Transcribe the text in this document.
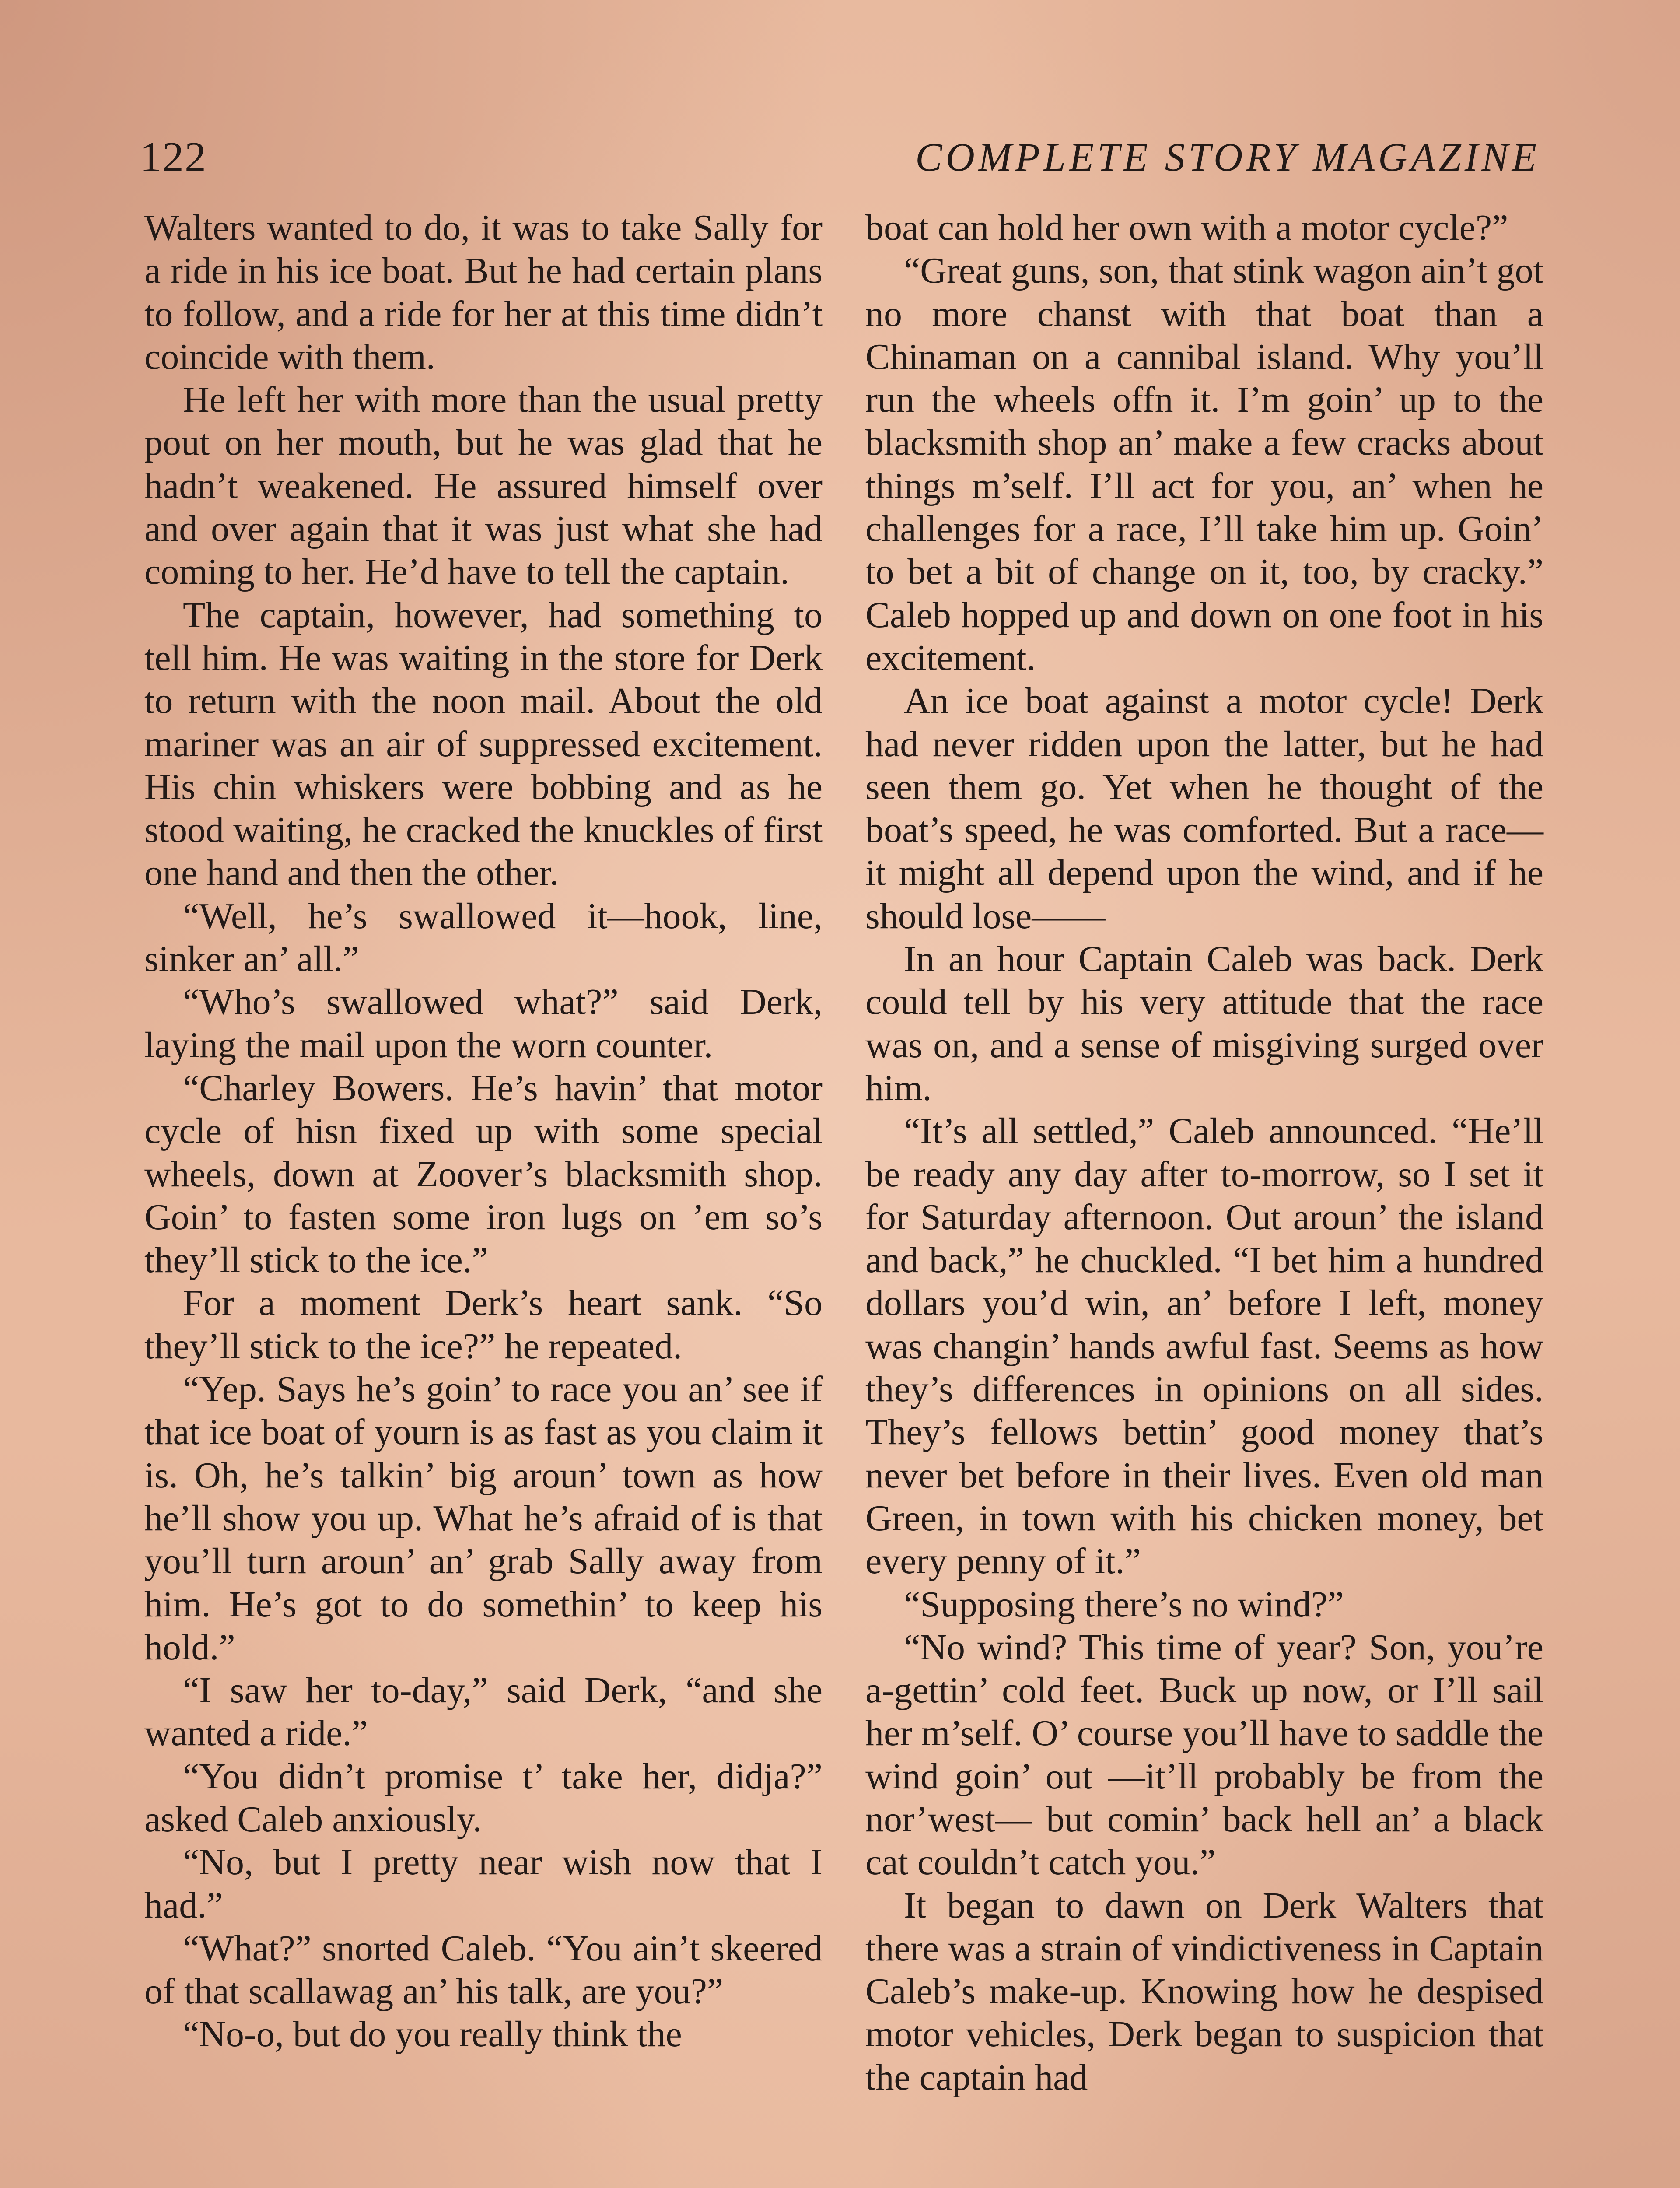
122	COMPLETE STORY MAGAZINE

Walters wanted to do, it was to take Sally for a ride in his ice boat. But he had certain plans to follow, and a ride for her at this time didn’t coincide with them.

He left her with more than the usual pretty pout on her mouth, but he was glad that he hadn’t weakened. He assured himself over and over again that it was just what she had coming to her. He’d have to tell the captain.

The captain, however, had something to tell him. He was waiting in the store for Derk to return with the noon mail. About the old mariner was an air of suppressed excitement. His chin whiskers were bobbing and as he stood waiting, he cracked the knuckles of first one hand and then the other.

“Well, he’s swallowed it—hook, line, sinker an’ all.”

“Who’s swallowed what?” said Derk, laying the mail upon the worn counter.

“Charley Bowers. He’s havin’ that motor cycle of hisn fixed up with some special wheels, down at Zoover’s blacksmith shop. Goin’ to fasten some iron lugs on ’em so’s they’ll stick to the ice.”

For a moment Derk’s heart sank. “So they’ll stick to the ice?” he repeated.

“Yep. Says he’s goin’ to race you an’ see if that ice boat of yourn is as fast as you claim it is. Oh, he’s talkin’ big aroun’ town as how he’ll show you up. What he’s afraid of is that you’ll turn aroun’ an’ grab Sally away from him. He’s got to do somethin’ to keep his hold.”

“I saw her to-day,” said Derk, “and she wanted a ride.”

“You didn’t promise t’ take her, didja?” asked Caleb anxiously.

“No, but I pretty near wish now that I had.”

“What?” snorted Caleb. “You ain’t skeered of that scallawag an’ his talk, are you?”

“No-o, but do you really think the

boat can hold her own with a motor cycle?”

“Great guns, son, that stink wagon ain’t got no more chanst with that boat than a Chinaman on a cannibal island. Why you’ll run the wheels offn it. I’m goin’ up to the blacksmith shop an’ make a few cracks about things m’self. I’ll act for you, an’ when he challenges for a race, I’ll take him up. Goin’ to bet a bit of change on it, too, by cracky.” Caleb hopped up and down on one foot in his excitement.

An ice boat against a motor cycle! Derk had never ridden upon the latter, but he had seen them go. Yet when he thought of the boat’s speed, he was comforted. But a race—it might all depend upon the wind, and if he should lose——

In an hour Captain Caleb was back. Derk could tell by his very attitude that the race was on, and a sense of misgiving surged over him.

“It’s all settled,” Caleb announced. “He’ll be ready any day after to-morrow, so I set it for Saturday afternoon. Out aroun’ the island and back,” he chuckled. “I bet him a hundred dollars you’d win, an’ before I left, money was changin’ hands awful fast. Seems as how they’s differences in opinions on all sides. They’s fellows bettin’ good money that’s never bet before in their lives. Even old man Green, in town with his chicken money, bet every penny of it.”

“Supposing there’s no wind?”

“No wind? This time of year? Son, you’re a-gettin’ cold feet. Buck up now, or I’ll sail her m’self. O’ course you’ll have to saddle the wind goin’ out —it’ll probably be from the nor’west— but comin’ back hell an’ a black cat couldn’t catch you.”

It began to dawn on Derk Walters that there was a strain of vindictiveness in Captain Caleb’s make-up. Knowing how he despised motor vehicles, Derk began to suspicion that the captain had
